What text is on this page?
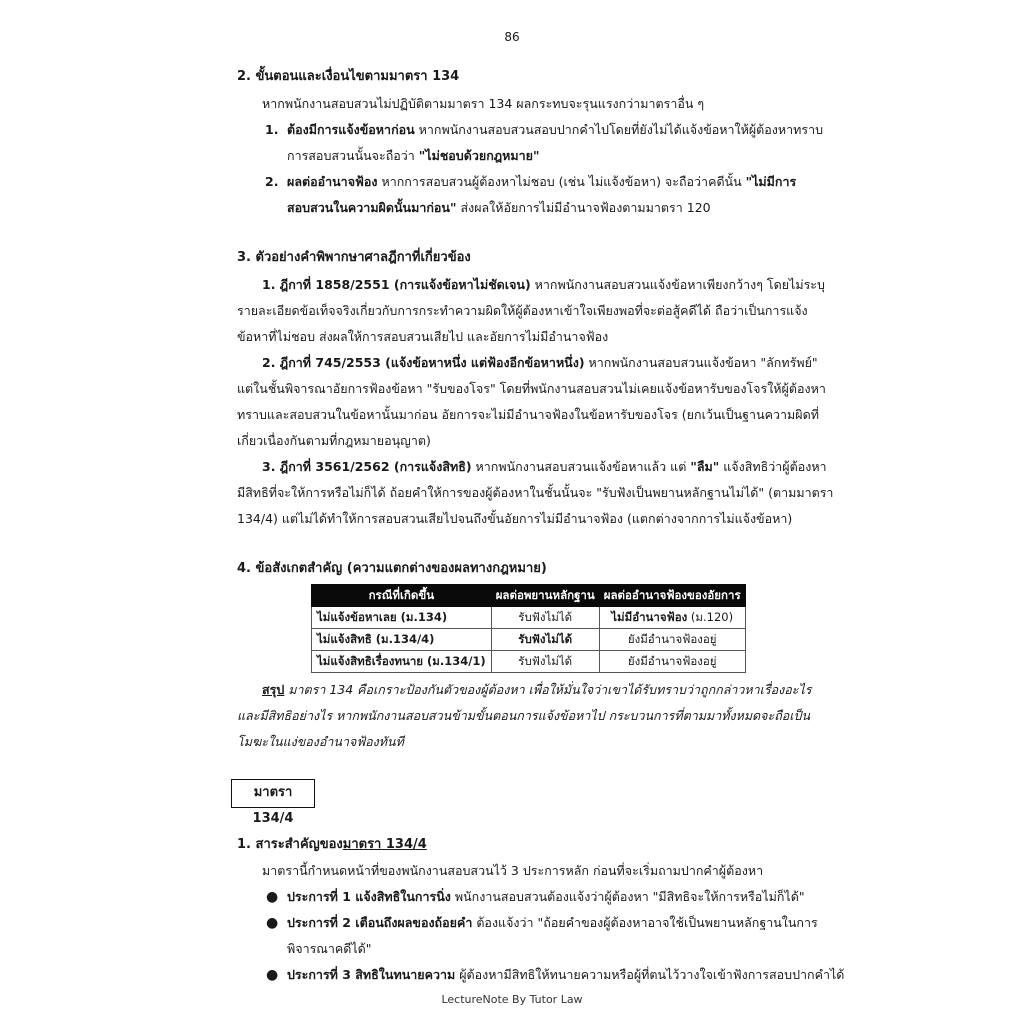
86
2. ขั้นตอนและเงื่อนไขตามมาตรา 134
หากพนักงานสอบสวนไม่ปฏิบัติตามมาตรา 134 ผลกระทบจะรุนแรงกว่ามาตราอื่น ๆ
1. ต้องมีการแจ้งข้อหาก่อน หากพนักงานสอบสวนสอบปากคำไปโดยที่ยังไม่ได้แจ้งข้อหาให้ผู้ต้องหาทราบ
การสอบสวนนั้นจะถือว่า "ไม่ชอบด้วยกฎหมาย"
2. ผลต่ออำนาจฟ้อง หากการสอบสวนผู้ต้องหาไม่ชอบ (เช่น ไม่แจ้งข้อหา) จะถือว่าคดีนั้น "ไม่มีการ
สอบสวนในความผิดนั้นมาก่อน" ส่งผลให้อัยการไม่มีอำนาจฟ้องตามมาตรา 120
3. ตัวอย่างคำพิพากษาศาลฎีกาที่เกี่ยวข้อง
1. ฎีกาที่ 1858/2551 (การแจ้งข้อหาไม่ชัดเจน) หากพนักงานสอบสวนแจ้งข้อหาเพียงกว้างๆ โดยไม่ระบุ
รายละเอียดข้อเท็จจริงเกี่ยวกับการกระทำความผิดให้ผู้ต้องหาเข้าใจเพียงพอที่จะต่อสู้คดีได้ ถือว่าเป็นการแจ้ง
ข้อหาที่ไม่ชอบ ส่งผลให้การสอบสวนเสียไป และอัยการไม่มีอำนาจฟ้อง
2. ฎีกาที่ 745/2553 (แจ้งข้อหาหนึ่ง แต่ฟ้องอีกข้อหาหนึ่ง) หากพนักงานสอบสวนแจ้งข้อหา "ลักทรัพย์"
แต่ในชั้นพิจารณาอัยการฟ้องข้อหา "รับของโจร" โดยที่พนักงานสอบสวนไม่เคยแจ้งข้อหารับของโจรให้ผู้ต้องหา
ทราบและสอบสวนในข้อหานั้นมาก่อน อัยการจะไม่มีอำนาจฟ้องในข้อหารับของโจร (ยกเว้นเป็นฐานความผิดที่
เกี่ยวเนื่องกันตามที่กฎหมายอนุญาต)
3. ฎีกาที่ 3561/2562 (การแจ้งสิทธิ) หากพนักงานสอบสวนแจ้งข้อหาแล้ว แต่ "ลืม" แจ้งสิทธิว่าผู้ต้องหา
มีสิทธิที่จะให้การหรือไม่ก็ได้ ถ้อยคำให้การของผู้ต้องหาในชั้นนั้นจะ "รับฟังเป็นพยานหลักฐานไม่ได้" (ตามมาตรา
134/4) แต่ไม่ได้ทำให้การสอบสวนเสียไปจนถึงขั้นอัยการไม่มีอำนาจฟ้อง (แตกต่างจากการไม่แจ้งข้อหา)
4. ข้อสังเกตสำคัญ (ความแตกต่างของผลทางกฎหมาย)
กรณีที่เกิดขึ้น	ผลต่อพยานหลักฐาน	ผลต่ออำนาจฟ้องของอัยการ
ไม่แจ้งข้อหาเลย (ม.134)	รับฟังไม่ได้	ไม่มีอำนาจฟ้อง (ม.120)
ไม่แจ้งสิทธิ (ม.134/4)	รับฟังไม่ได้	ยังมีอำนาจฟ้องอยู่
ไม่แจ้งสิทธิเรื่องทนาย (ม.134/1)	รับฟังไม่ได้	ยังมีอำนาจฟ้องอยู่
สรุป มาตรา 134 คือเกราะป้องกันตัวของผู้ต้องหา เพื่อให้มั่นใจว่าเขาได้รับทราบว่าถูกกล่าวหาเรื่องอะไร
และมีสิทธิอย่างไร หากพนักงานสอบสวนข้ามขั้นตอนการแจ้งข้อหาไป กระบวนการที่ตามมาทั้งหมดจะถือเป็น
โมฆะในแง่ของอำนาจฟ้องทันที
มาตรา 134/4
1. สาระสำคัญของมาตรา 134/4
มาตรานี้กำหนดหน้าที่ของพนักงานสอบสวนไว้ 3 ประการหลัก ก่อนที่จะเริ่มถามปากคำผู้ต้องหา
● ประการที่ 1 แจ้งสิทธิในการนิ่ง พนักงานสอบสวนต้องแจ้งว่าผู้ต้องหา "มีสิทธิจะให้การหรือไม่ก็ได้"
● ประการที่ 2 เตือนถึงผลของถ้อยคำ ต้องแจ้งว่า "ถ้อยคำของผู้ต้องหาอาจใช้เป็นพยานหลักฐานในการ
พิจารณาคดีได้"
● ประการที่ 3 สิทธิในทนายความ ผู้ต้องหามีสิทธิให้ทนายความหรือผู้ที่ตนไว้วางใจเข้าฟังการสอบปากคำได้
LectureNote By Tutor Law
